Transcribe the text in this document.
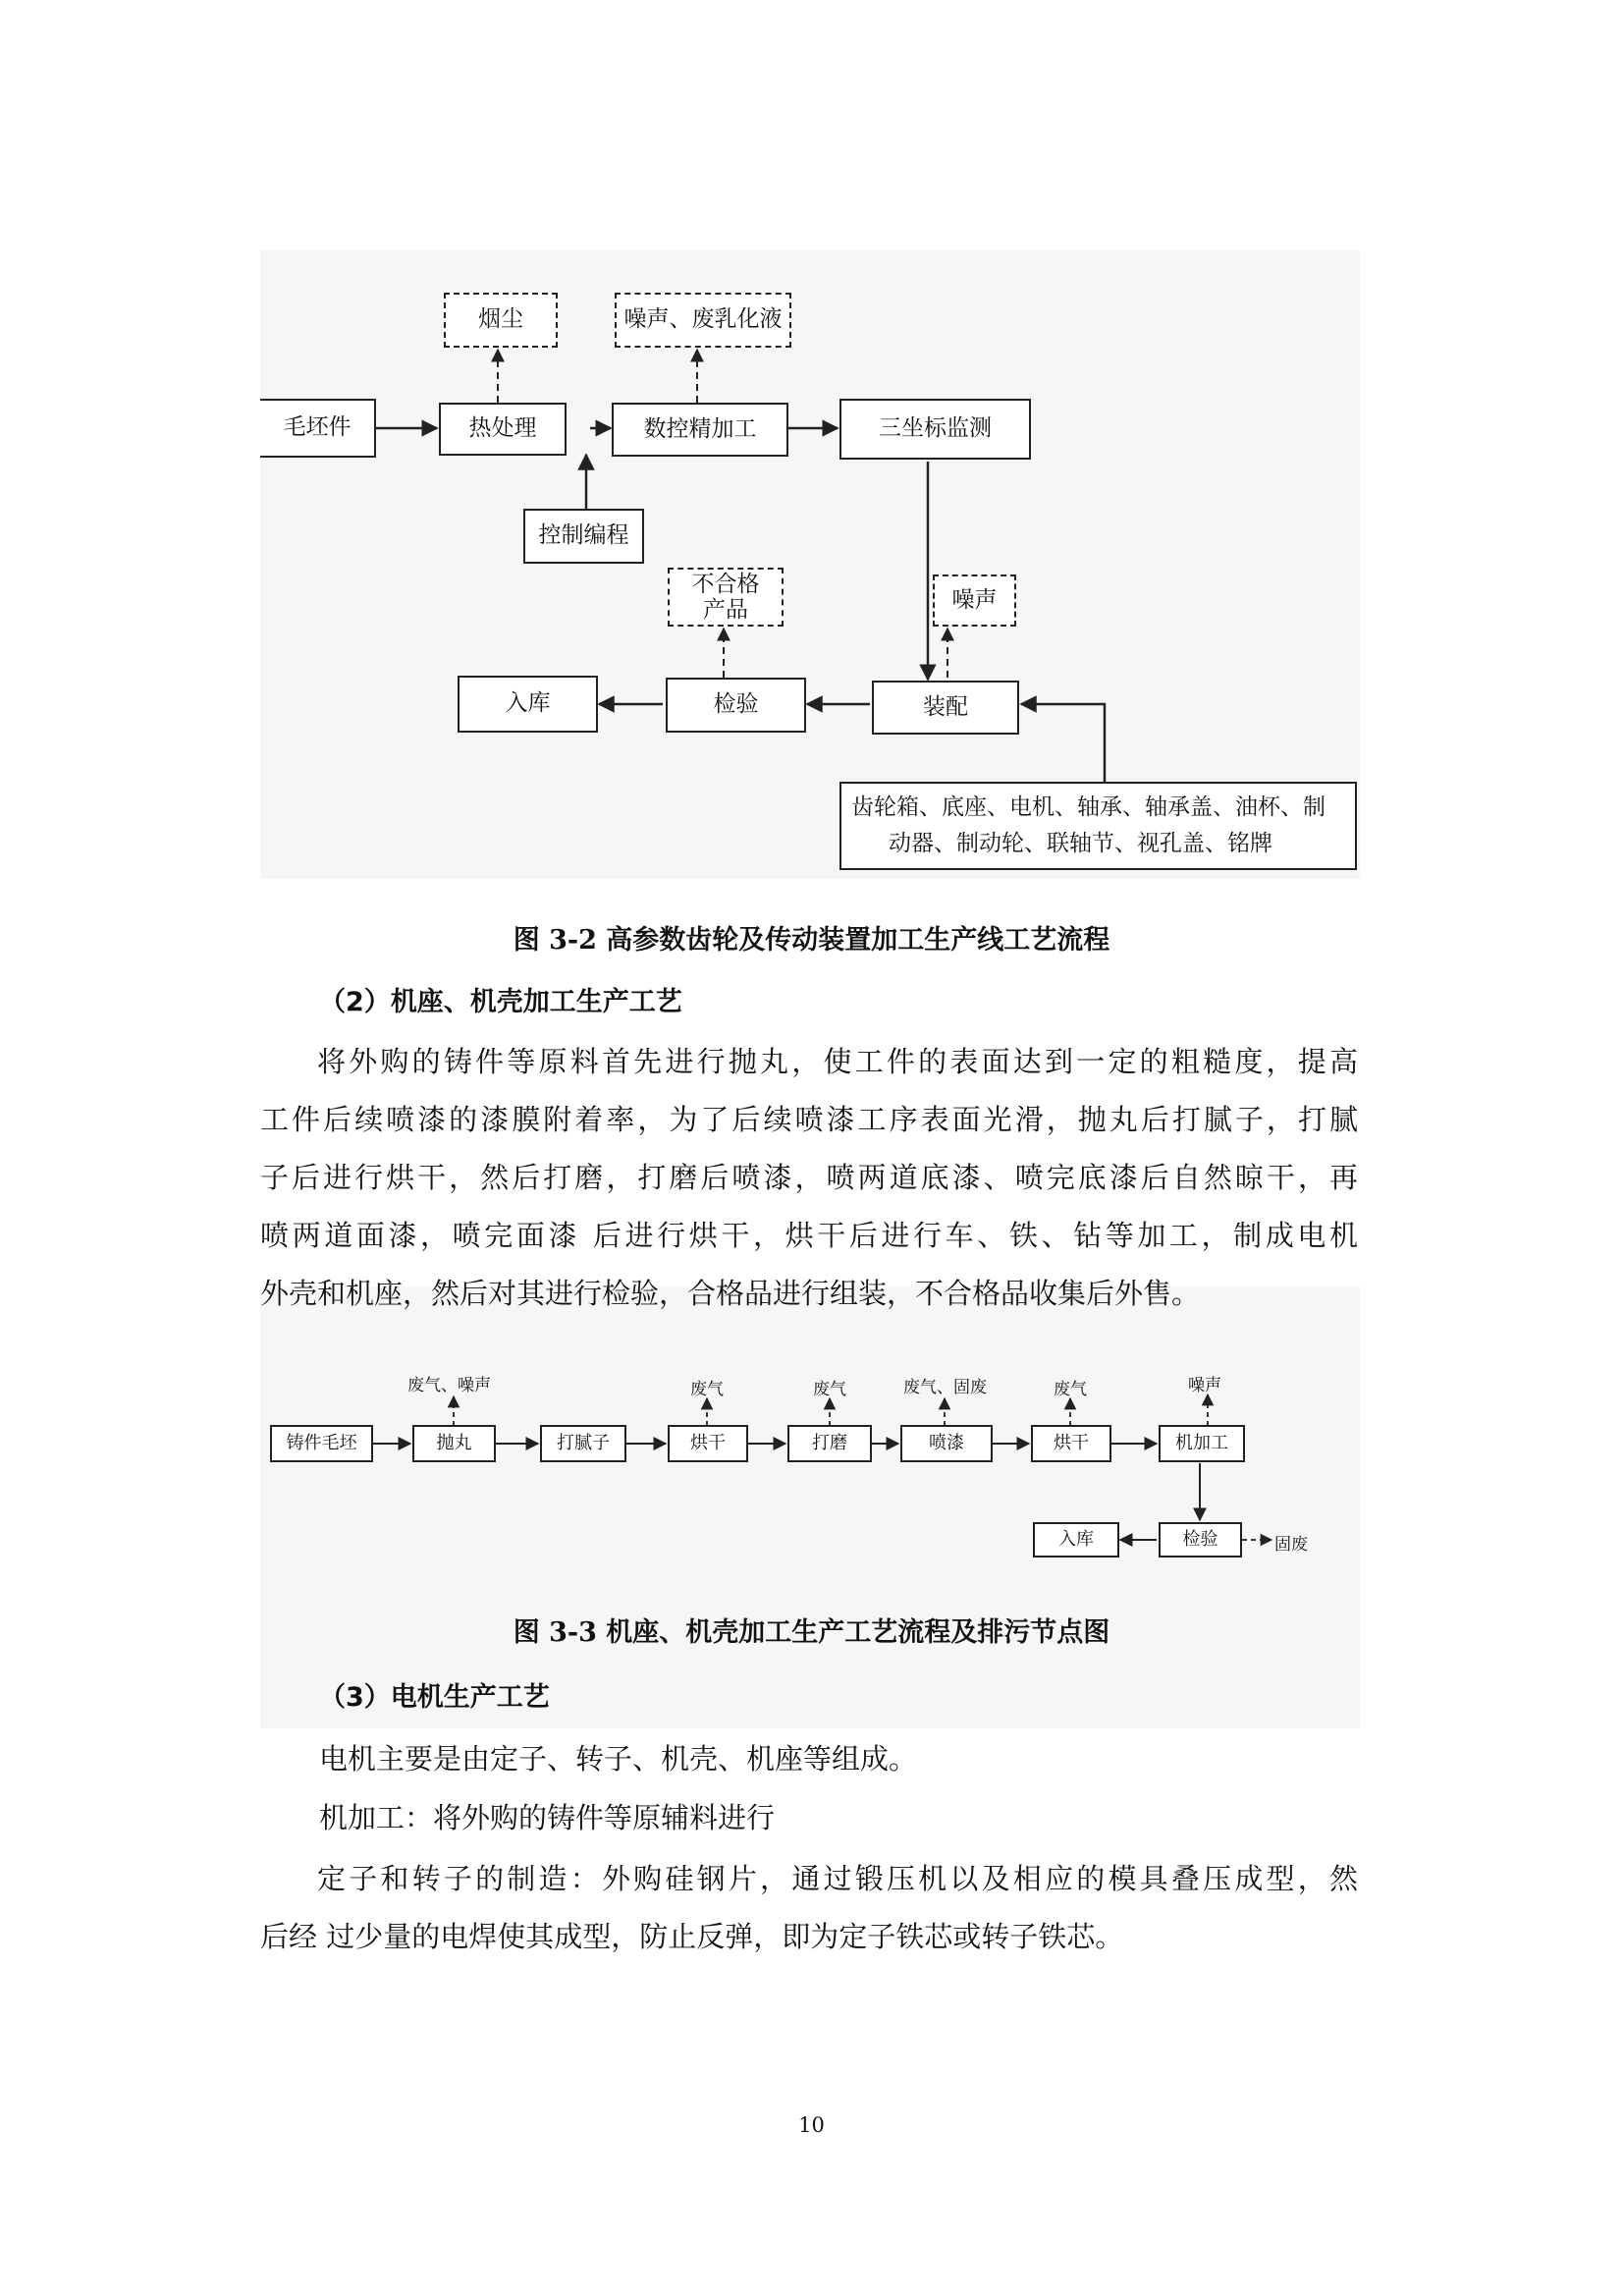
毛坯件	热处理	数控精加工	三坐标监测
控制编程
烟尘	噪声、废乳化液
不合格
产品	噪声
入库	检验	装配
齿轮箱、底座、电机、轴承、轴承盖、油杯、制
动器、制动轮、联轴节、视孔盖、铭牌
图 3-2 高参数齿轮及传动装置加工生产线工艺流程
（2）机座、机壳加工生产工艺
将外购的铸件等原料首先进行抛丸，使工件的表面达到一定的粗糙度，提高
工件后续喷漆的漆膜附着率，为了后续喷漆工序表面光滑，抛丸后打腻子，打腻
子后进行烘干，然后打磨，打磨后喷漆，喷两道底漆、喷完底漆后自然晾干，再
喷两道面漆，喷完面漆 后进行烘干，烘干后进行车、铁、钻等加工，制成电机
外壳和机座，然后对其进行检验，合格品进行组装，不合格品收集后外售。
铸件毛坯	抛丸	打腻子	烘干	打磨	喷漆	烘干	机加工
检验
入库
废气、噪声	废气	废气	废气、固废	废气	噪声
固废
图 3-3 机座、机壳加工生产工艺流程及排污节点图
（3）电机生产工艺
电机主要是由定子、转子、机壳、机座等组成。
机加工：将外购的铸件等原辅料进行
定子和转子的制造：外购硅钢片，通过锻压机以及相应的模具叠压成型，然
后经 过少量的电焊使其成型，防止反弹，即为定子铁芯或转子铁芯。
10
